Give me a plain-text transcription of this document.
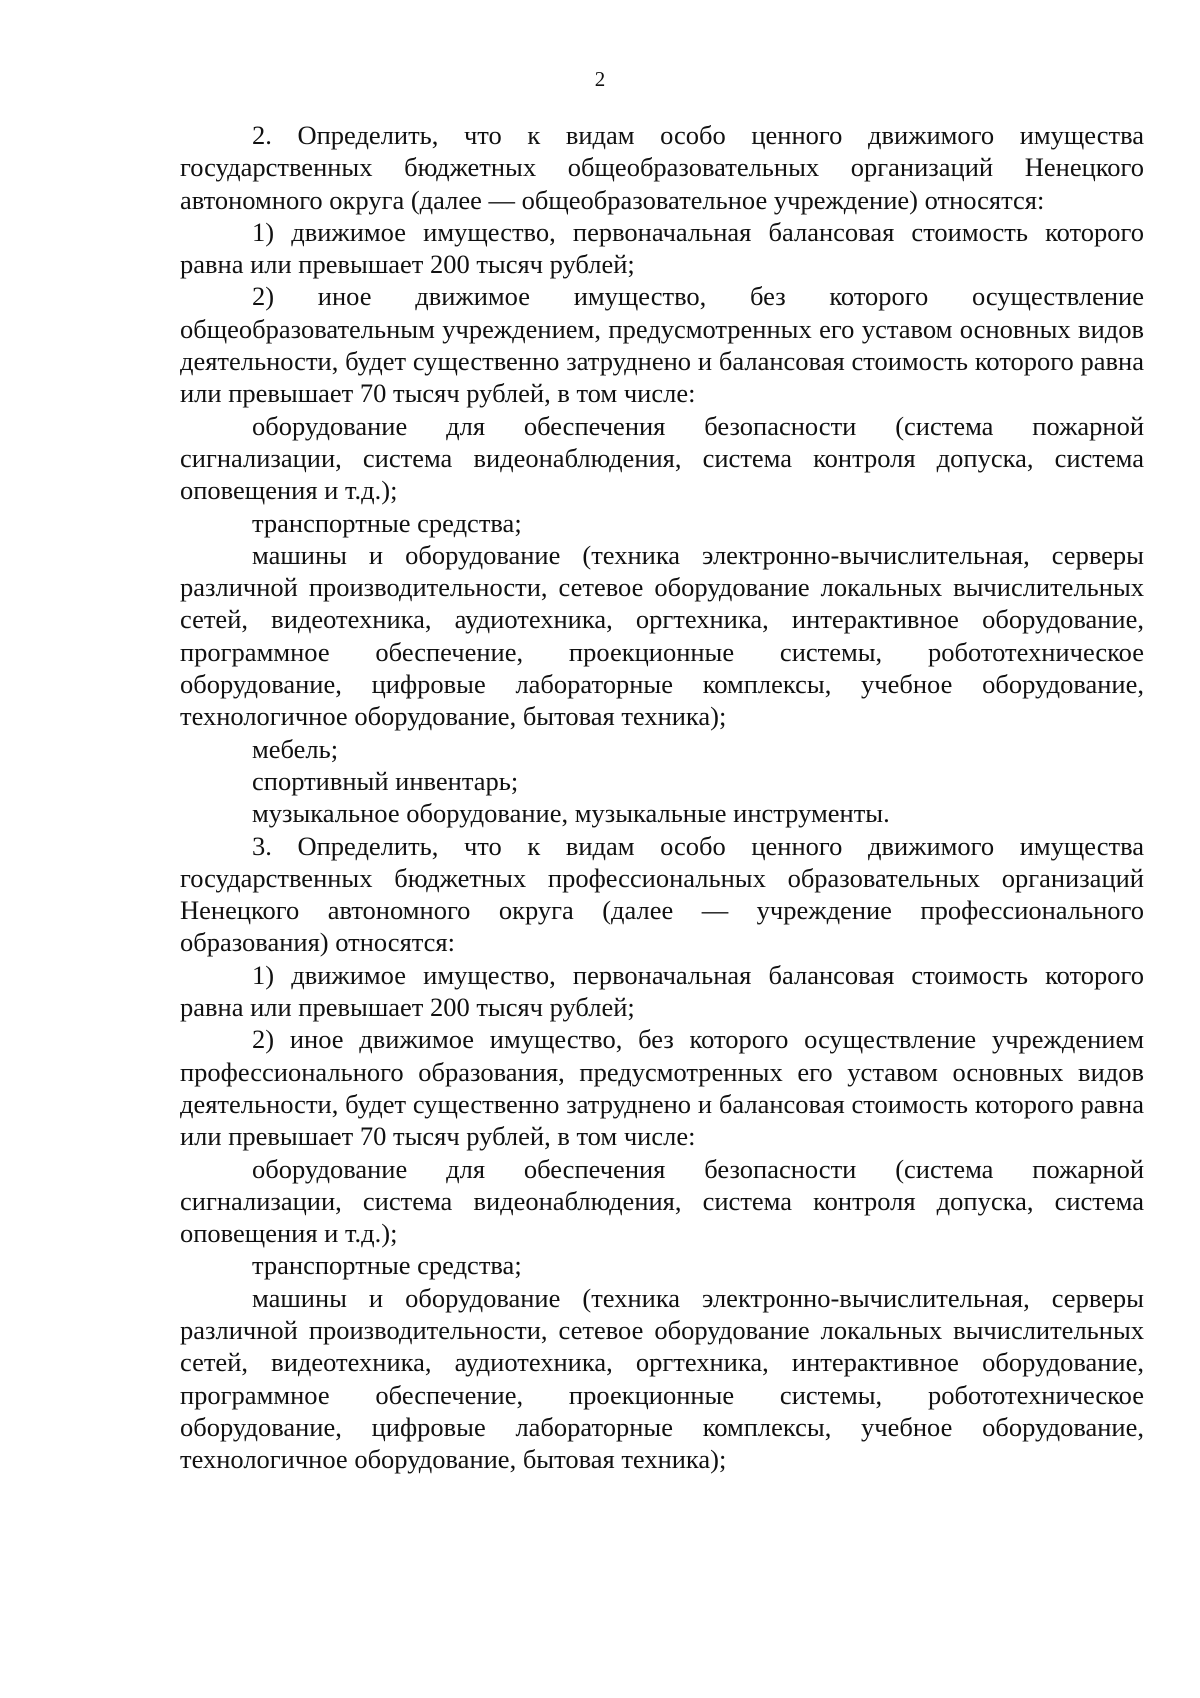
2

2. Определить, что к видам особо ценного движимого имущества государственных бюджетных общеобразовательных организаций Ненецкого автономного округа (далее — общеобразовательное учреждение) относятся:

1) движимое имущество, первоначальная балансовая стоимость которого равна или превышает 200 тысяч рублей;

2) иное движимое имущество, без которого осуществление общеобразовательным учреждением, предусмотренных его уставом основных видов деятельности, будет существенно затруднено и балансовая стоимость которого равна или превышает 70 тысяч рублей, в том числе:

оборудование для обеспечения безопасности (система пожарной сигнализации, система видеонаблюдения, система контроля допуска, система оповещения и т.д.);

транспортные средства;

машины и оборудование (техника электронно-вычислительная, серверы различной производительности, сетевое оборудование локальных вычислительных сетей, видеотехника, аудиотехника, оргтехника, интерактивное оборудование, программное обеспечение, проекционные системы, робототехническое оборудование, цифровые лабораторные комплексы, учебное оборудование, технологичное оборудование, бытовая техника);

мебель;

спортивный инвентарь;

музыкальное оборудование, музыкальные инструменты.

3. Определить, что к видам особо ценного движимого имущества государственных бюджетных профессиональных образовательных организаций Ненецкого автономного округа (далее — учреждение профессионального образования) относятся:

1) движимое имущество, первоначальная балансовая стоимость которого равна или превышает 200 тысяч рублей;

2) иное движимое имущество, без которого осуществление учреждением профессионального образования, предусмотренных его уставом основных видов деятельности, будет существенно затруднено и балансовая стоимость которого равна или превышает 70 тысяч рублей, в том числе:

оборудование для обеспечения безопасности (система пожарной сигнализации, система видеонаблюдения, система контроля допуска, система оповещения и т.д.);

транспортные средства;

машины и оборудование (техника электронно-вычислительная, серверы различной производительности, сетевое оборудование локальных вычислительных сетей, видеотехника, аудиотехника, оргтехника, интерактивное оборудование, программное обеспечение, проекционные системы, робототехническое оборудование, цифровые лабораторные комплексы, учебное оборудование, технологичное оборудование, бытовая техника);
